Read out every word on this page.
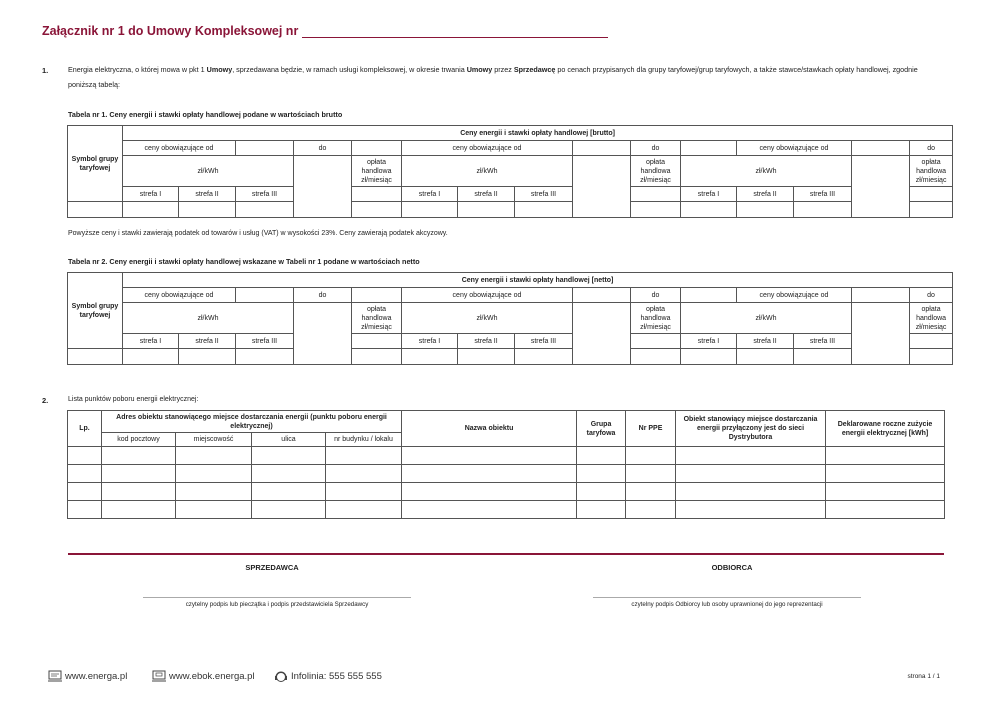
Załącznik nr 1 do Umowy Kompleksowej nr
1.	Energia elektryczna, o której mowa w pkt 1 Umowy, sprzedawana będzie, w ramach usługi kompleksowej, w okresie trwania Umowy przez Sprzedawcę po cenach przypisanych dla grupy taryfowej/grup taryfowych, a także stawce/stawkach opłaty handlowej, zgodnie poniższą tabelą:
Tabela nr 1. Ceny energii i stawki opłaty handlowej podane w wartościach brutto
Symbol grupy taryfowej	Ceny energii i stawki opłaty handlowej [brutto]															
	ceny obowiązujące od			do		ceny obowiązujące od				do		ceny obowiązujące od			do	
	zł/kWh				opłata handlowa zł/miesiąc	zł/kWh				opłata handlowa zł/miesiąc	zł/kWh				opłata handlowa zł/miesiąc	
	strefa I	strefa II	strefa III			strefa I	strefa II	strefa III			strefa I	strefa II	strefa III			

Powyższe ceny i stawki zawierają podatek od towarów i usług (VAT) w wysokości 23%. Ceny zawierają podatek akcyzowy.
Tabela nr 2. Ceny energii i stawki opłaty handlowej wskazane w Tabeli nr 1 podane w wartościach netto
Symbol grupy taryfowej	Ceny energii i stawki opłaty handlowej [netto]															
	ceny obowiązujące od			do		ceny obowiązujące od				do		ceny obowiązujące od			do	
	zł/kWh				opłata handlowa zł/miesiąc	zł/kWh				opłata handlowa zł/miesiąc	zł/kWh				opłata handlowa zł/miesiąc	
	strefa I	strefa II	strefa III			strefa I	strefa II	strefa III			strefa I	strefa II	strefa III			

2.	Lista punktów poboru energii elektrycznej:
Lp.	Adres obiektu stanowiącego miejsce dostarczania energii (punktu poboru energii elektrycznej)				Nazwa obiektu	Grupa taryfowa	Nr PPE	Obiekt stanowiący miejsce dostarczania energii przyłączony jest do sieci Dystrybutora	Deklarowane roczne zużycie energii elektrycznej [kWh]
	kod pocztowy	miejscowość	ulica	nr budynku / lokalu					

SPRZEDAWCA	ODBIORCA
czytelny podpis lub pieczątka i podpis przedstawiciela Sprzedawcy	czytelny podpis Odbiorcy lub osoby uprawnionej do jego reprezentacji
www.energa.pl	www.ebok.energa.pl	Infolinia: 555 555 555	strona 1 / 1
